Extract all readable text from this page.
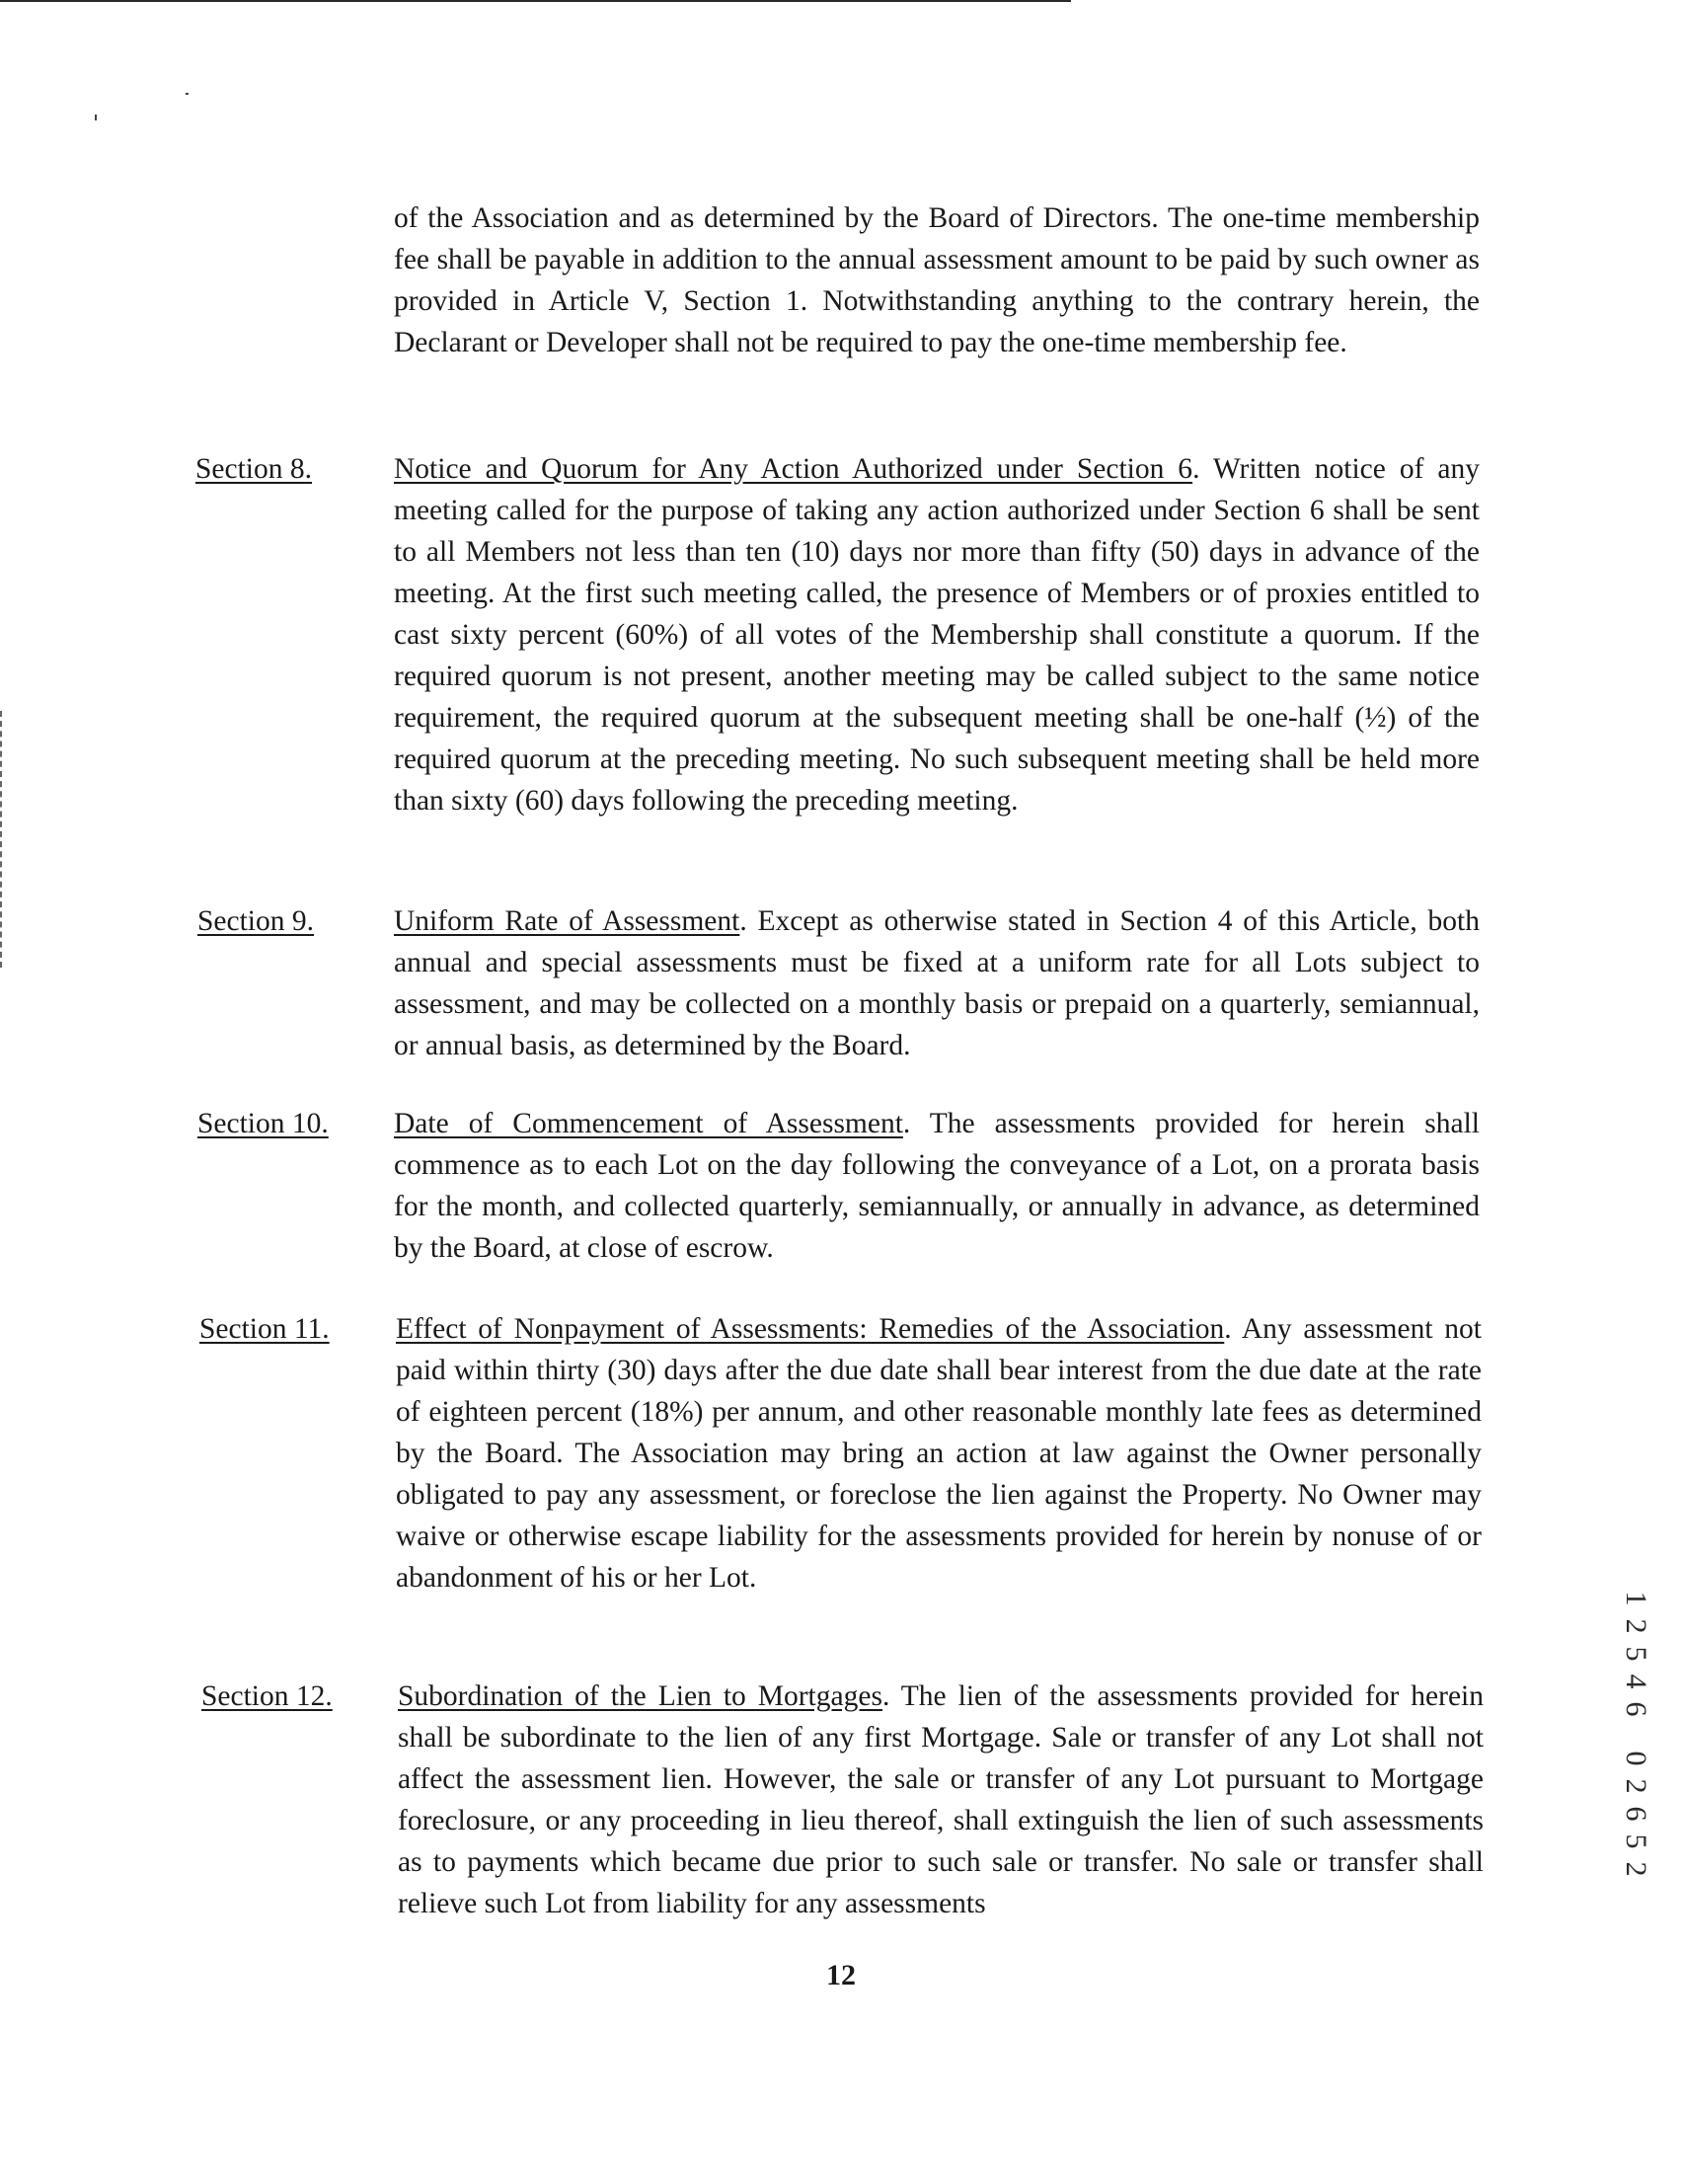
of the Association and as determined by the Board of Directors. The one-time membership fee shall be payable in addition to the annual assessment amount to be paid by such owner as provided in Article V, Section 1. Notwithstanding anything to the contrary herein, the Declarant or Developer shall not be required to pay the one-time membership fee.

Section 8.	Notice and Quorum for Any Action Authorized under Section 6. Written notice of any meeting called for the purpose of taking any action authorized under Section 6 shall be sent to all Members not less than ten (10) days nor more than fifty (50) days in advance of the meeting. At the first such meeting called, the presence of Members or of proxies entitled to cast sixty percent (60%) of all votes of the Membership shall constitute a quorum. If the required quorum is not present, another meeting may be called subject to the same notice requirement, the required quorum at the subsequent meeting shall be one-half (½) of the required quorum at the preceding meeting. No such subsequent meeting shall be held more than sixty (60) days following the preceding meeting.

Section 9.	Uniform Rate of Assessment. Except as otherwise stated in Section 4 of this Article, both annual and special assessments must be fixed at a uniform rate for all Lots subject to assessment, and may be collected on a monthly basis or prepaid on a quarterly, semiannual, or annual basis, as determined by the Board.

Section 10. Date of Commencement of Assessment. The assessments provided for herein shall commence as to each Lot on the day following the conveyance of a Lot, on a prorata basis for the month, and collected quarterly, semiannually, or annually in advance, as determined by the Board, at close of escrow.

Section 11. Effect of Nonpayment of Assessments: Remedies of the Association. Any assessment not paid within thirty (30) days after the due date shall bear interest from the due date at the rate of eighteen percent (18%) per annum, and other reasonable monthly late fees as determined by the Board. The Association may bring an action at law against the Owner personally obligated to pay any assessment, or foreclose the lien against the Property. No Owner may waive or otherwise escape liability for the assessments provided for herein by nonuse of or abandonment of his or her Lot.

Section 12. Subordination of the Lien to Mortgages. The lien of the assessments provided for herein shall be subordinate to the lien of any first Mortgage. Sale or transfer of any Lot shall not affect the assessment lien. However, the sale or transfer of any Lot pursuant to Mortgage foreclosure, or any proceeding in lieu thereof, shall extinguish the lien of such assessments as to payments which became due prior to such sale or transfer. No sale or transfer shall relieve such Lot from liability for any assessments

12

1
2
5
4
6
0
2
6
5
2
